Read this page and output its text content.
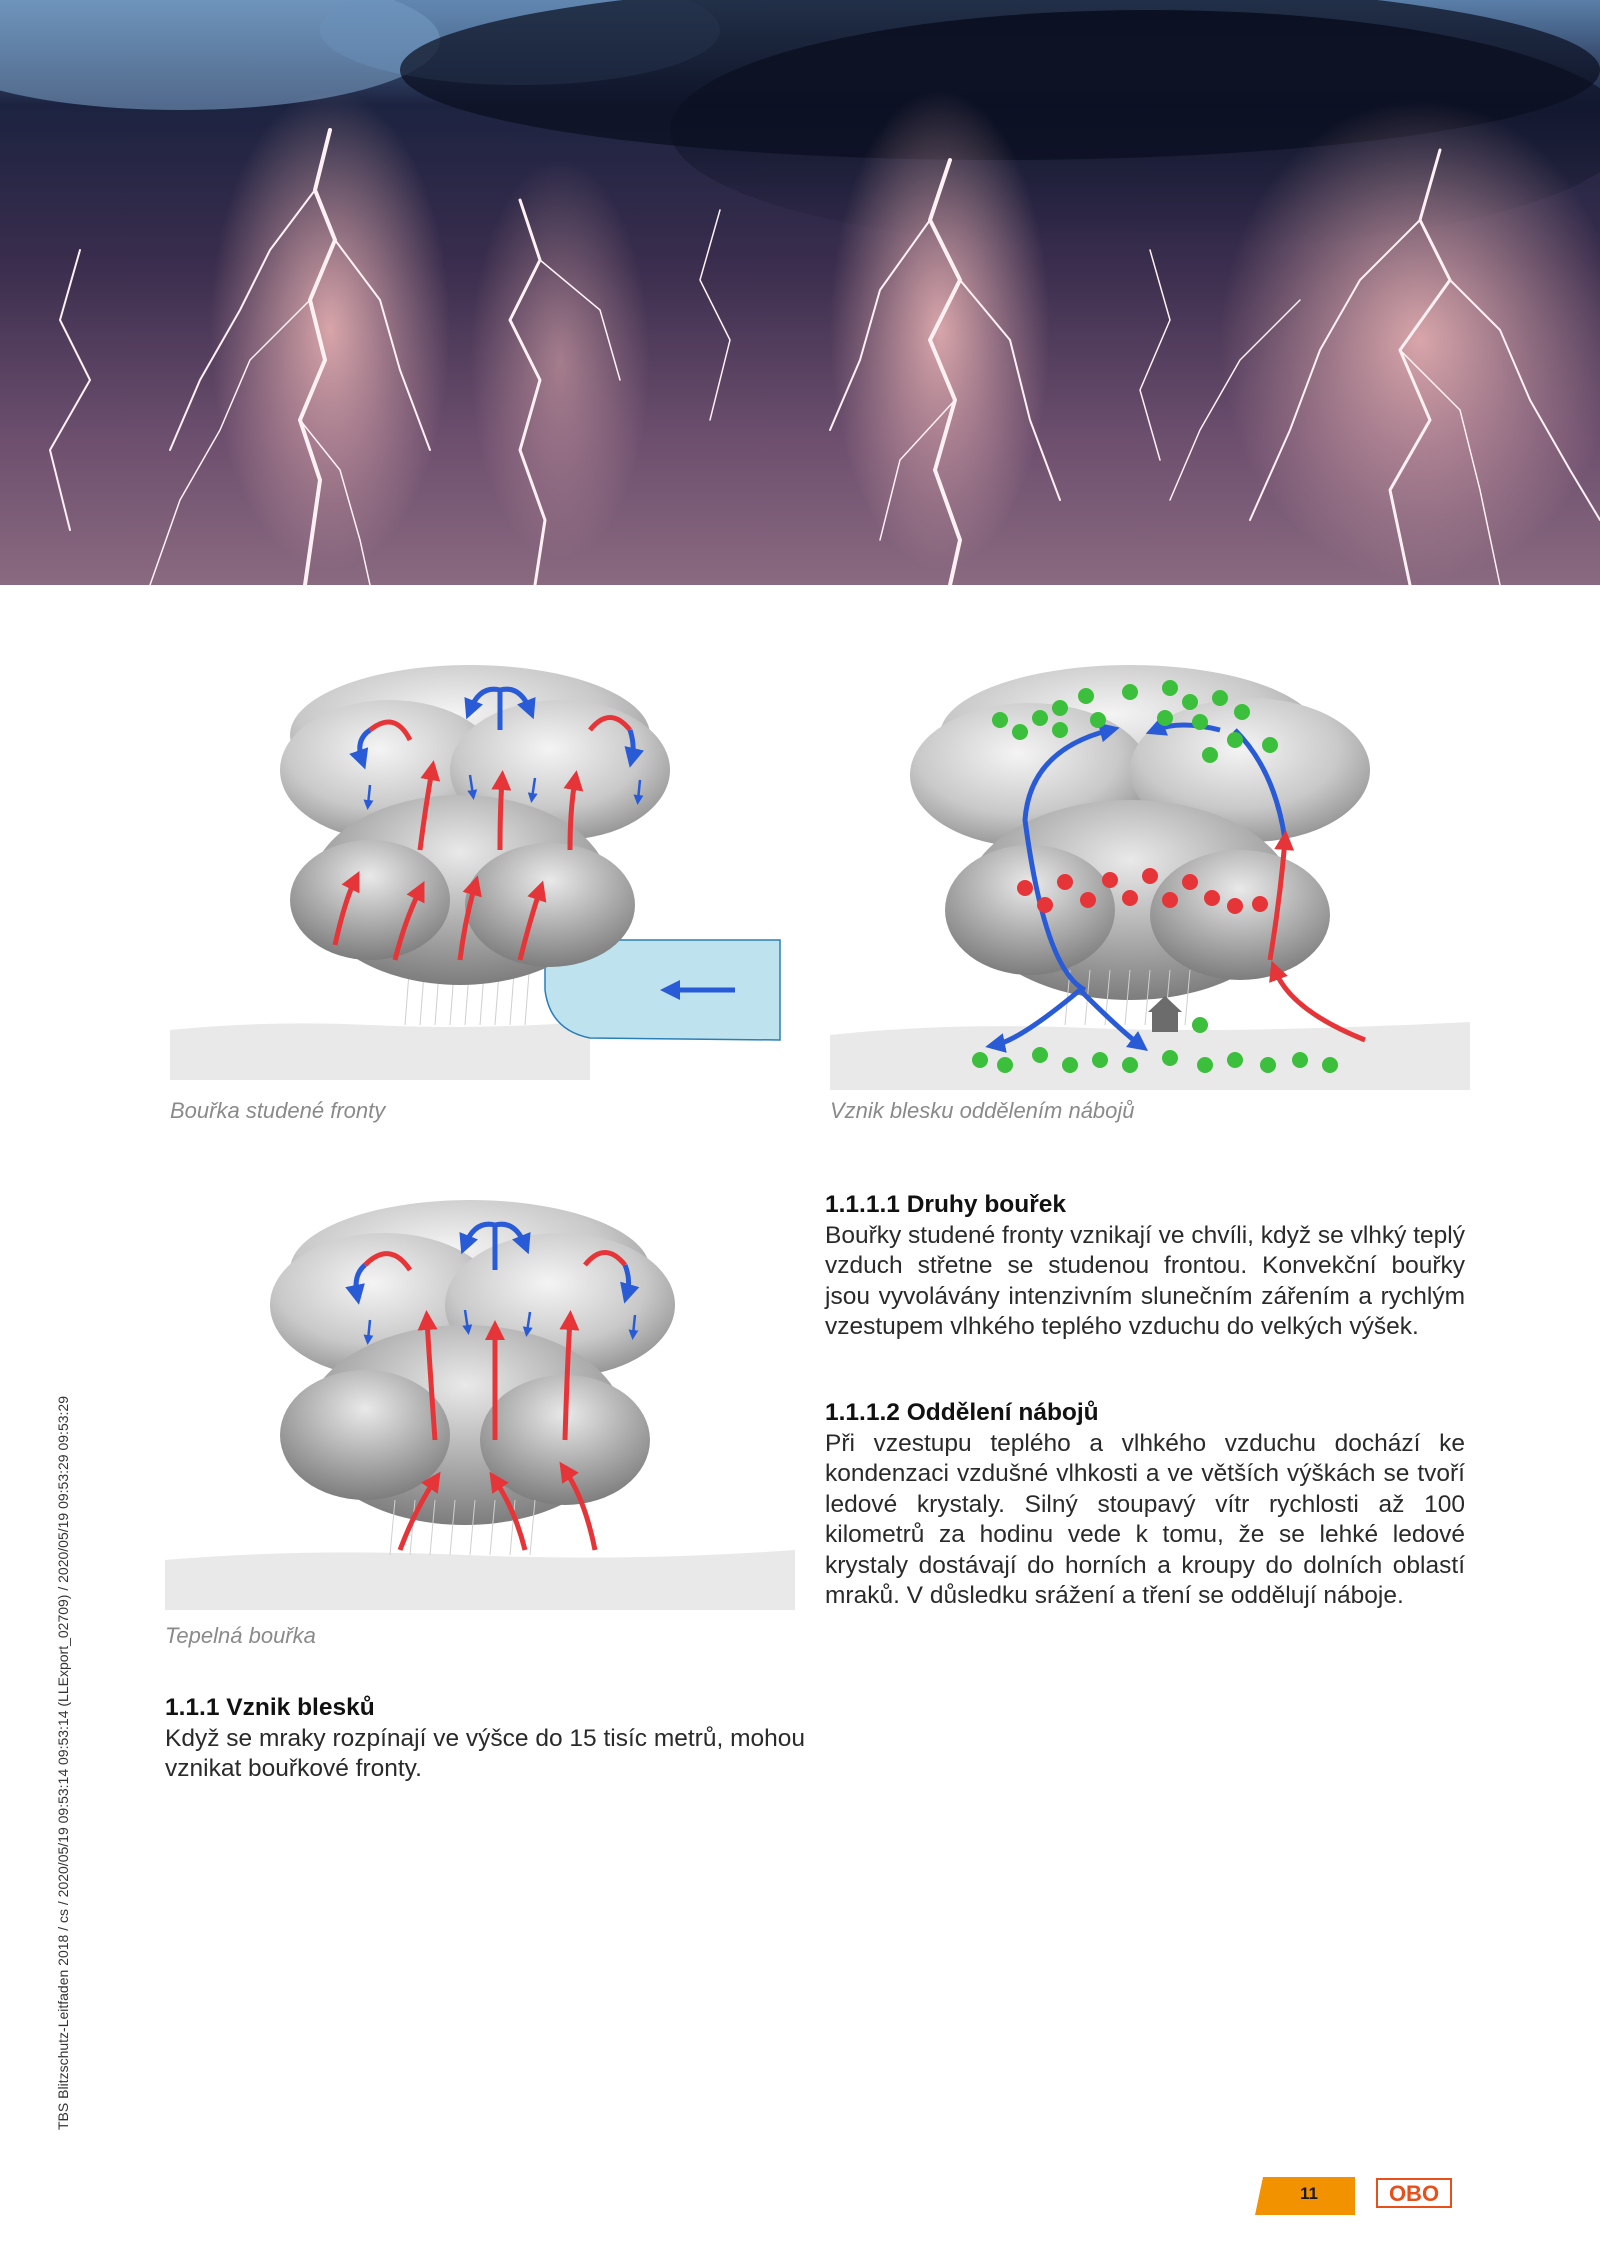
Bouřka studené fronty	Vznik blesku oddělením nábojů
Tepelná bouřka
1.1.1 Vznik blesků

Když se mraky rozpínají ve výšce do 15 tisíc metrů, mohou vznikat bouřkové fronty.

1.1.1.1 Druhy bouřek

Bouřky studené fronty vznikají ve chvíli, když se vlhký teplý vzduch střetne se studenou frontou. Konvekční bouřky jsou vyvolávány intenzivním slunečním zářením a rychlým vzestupem vlhkého teplého vzduchu do velkých výšek.

1.1.1.2 Oddělení nábojů

Při vzestupu teplého a vlhkého vzduchu dochází ke kondenzaci vzdušné vlhkosti a ve větších výškách se tvoří ledové krystaly. Silný stoupavý vítr rychlosti až 100 kilometrů za hodinu vede k tomu, že se lehké ledové krystaly dostávají do horních a kroupy do dolních oblastí mraků. V důsledku srážení a tření se oddělují náboje.

TBS Blitzschutz-Leitfaden 2018 / cs / 2020/05/19 09:53:14 09:53:14 (LLExport_02709) / 2020/05/19 09:53:29 09:53:29
11	OBO
